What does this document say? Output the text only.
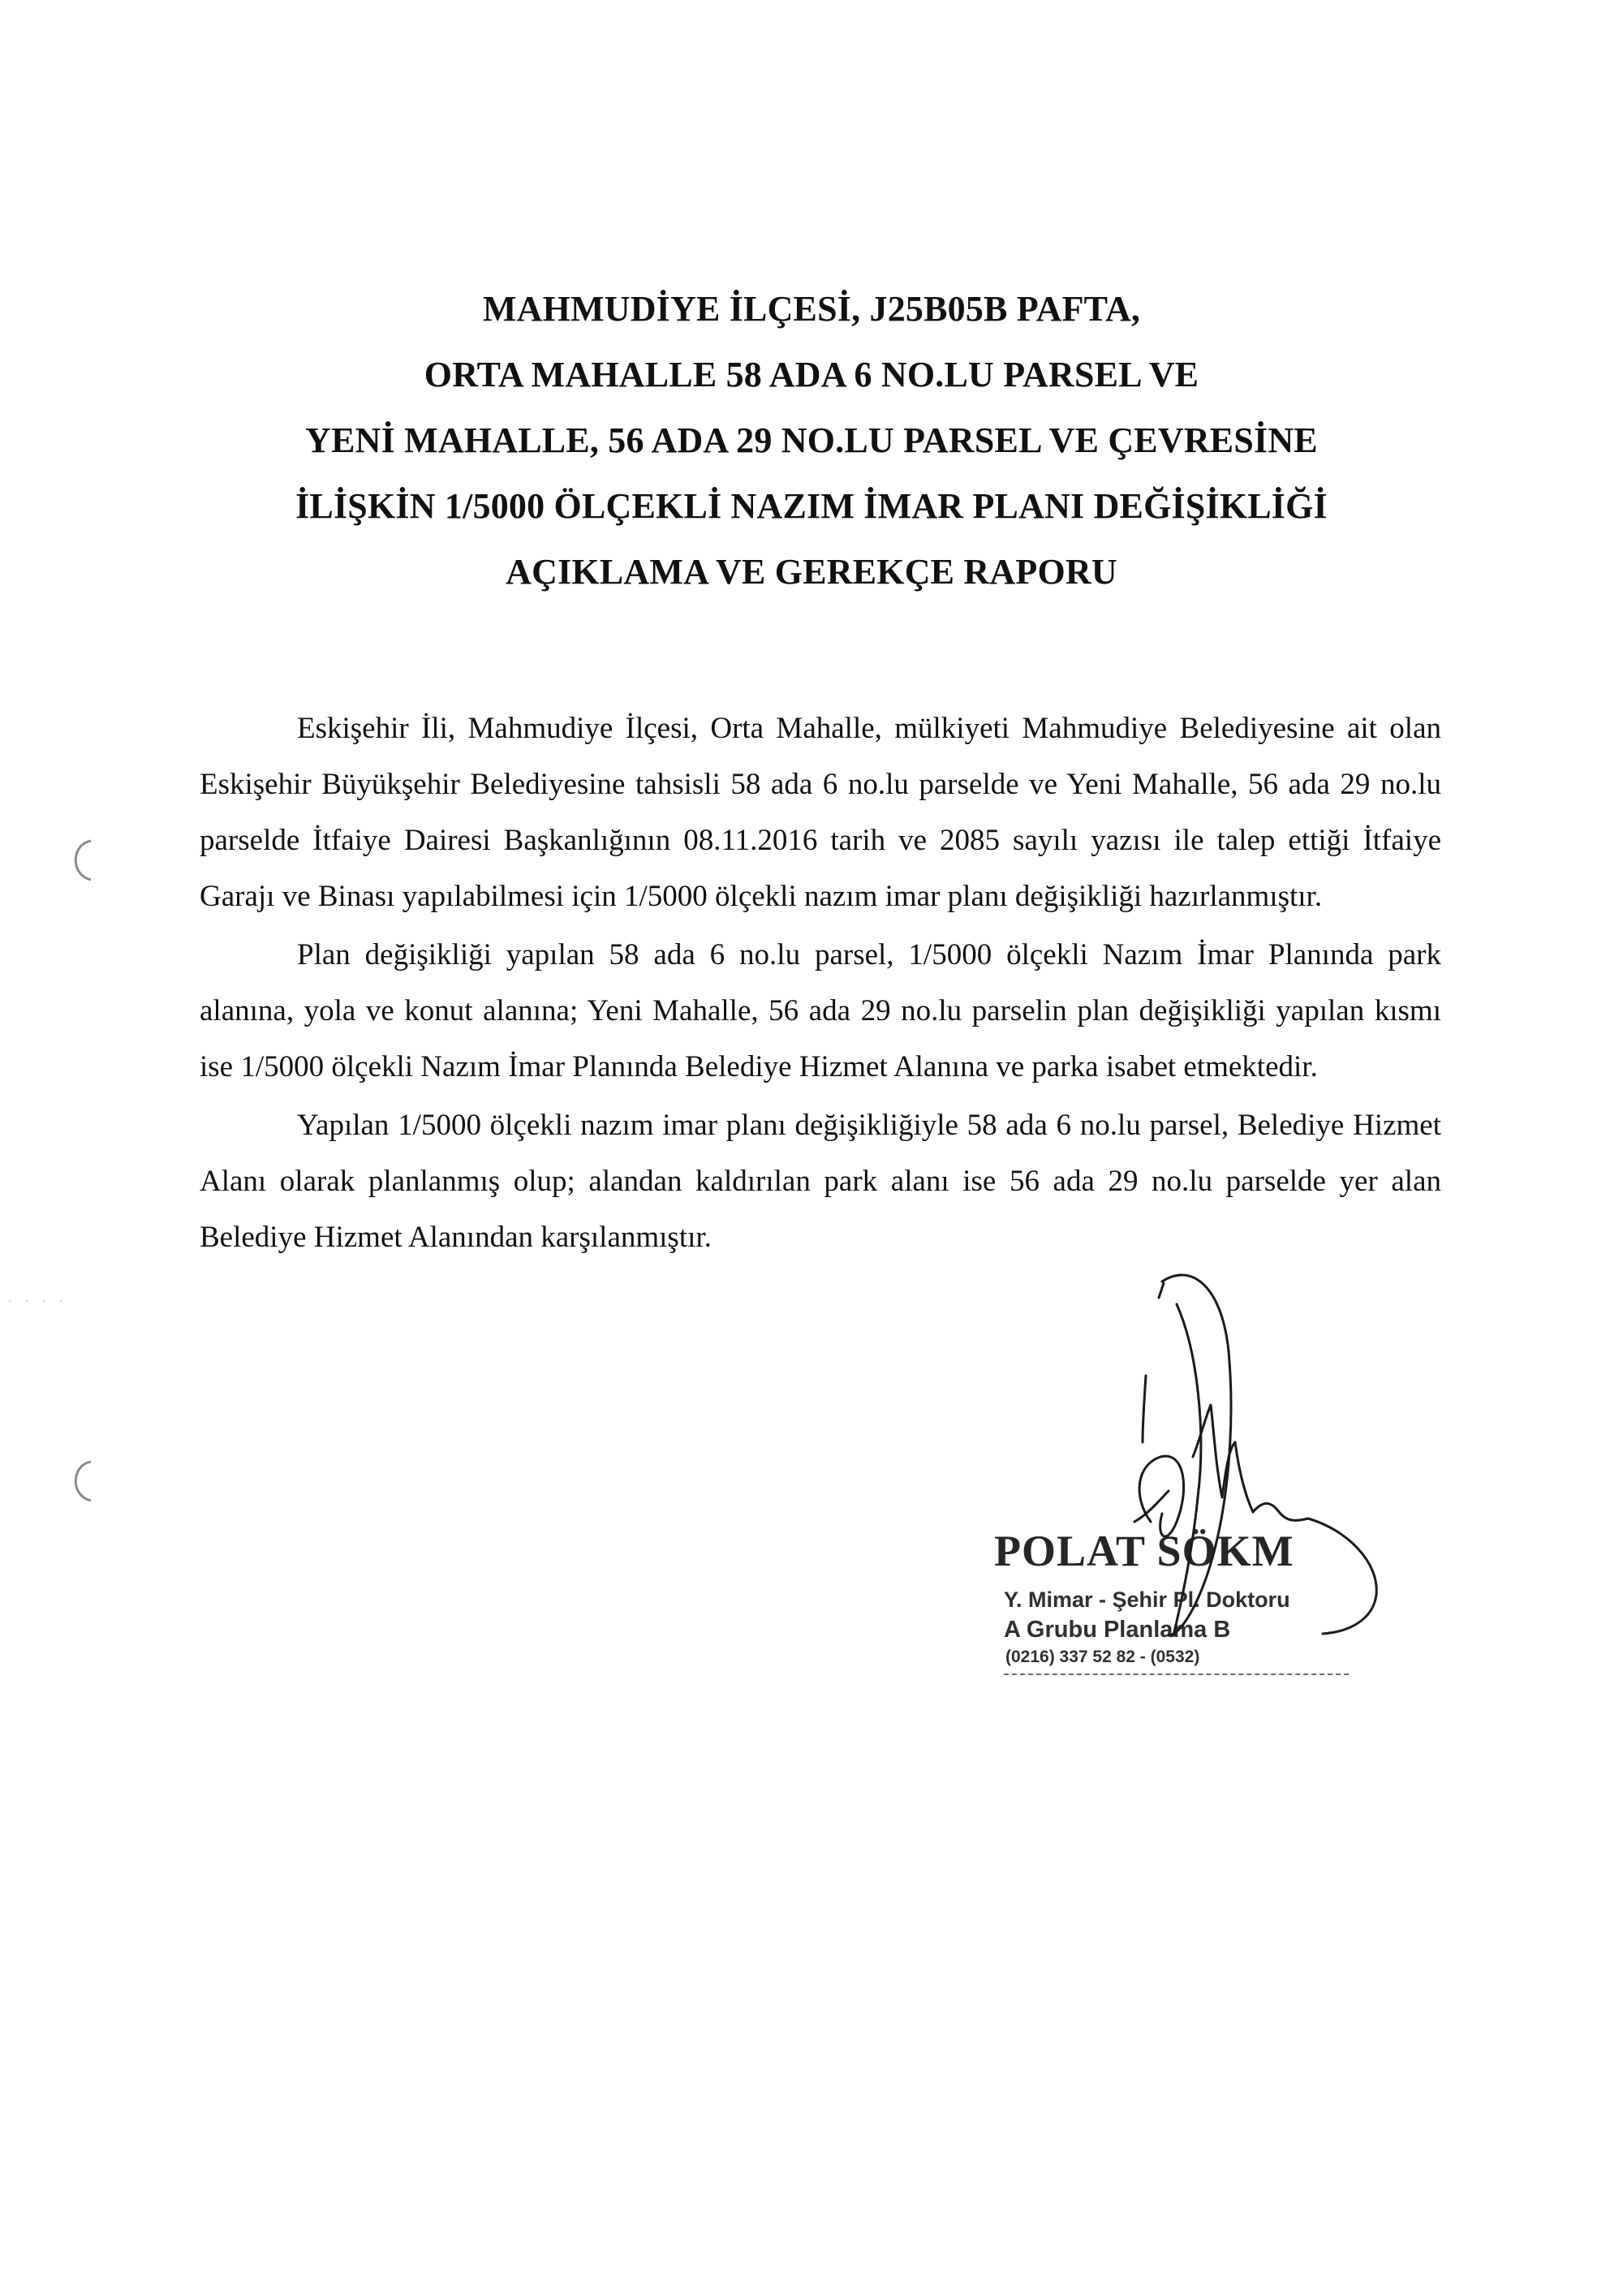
· · · ·
MAHMUDİYE İLÇESİ, J25B05B PAFTA,
ORTA MAHALLE 58 ADA 6 NO.LU PARSEL VE
YENİ MAHALLE, 56 ADA 29 NO.LU PARSEL VE ÇEVRESİNE
İLİŞKİN 1/5000 ÖLÇEKLİ NAZIM İMAR PLANI DEĞİŞİKLİĞİ
AÇIKLAMA VE GEREKÇE RAPORU

Eskişehir İli, Mahmudiye İlçesi, Orta Mahalle, mülkiyeti Mahmudiye Belediyesine ait olan Eskişehir Büyükşehir Belediyesine tahsisli 58 ada 6 no.lu parselde ve Yeni Mahalle, 56 ada 29 no.lu parselde İtfaiye Dairesi Başkanlığının 08.11.2016 tarih ve 2085 sayılı yazısı ile talep ettiği İtfaiye Garajı ve Binası yapılabilmesi için 1/5000 ölçekli nazım imar planı değişikliği hazırlanmıştır.

Plan değişikliği yapılan 58 ada 6 no.lu parsel, 1/5000 ölçekli Nazım İmar Planında park alanına, yola ve konut alanına; Yeni Mahalle, 56 ada 29 no.lu parselin plan değişikliği yapılan kısmı ise 1/5000 ölçekli Nazım İmar Planında Belediye Hizmet Alanına ve parka isabet etmektedir.

Yapılan 1/5000 ölçekli nazım imar planı değişikliğiyle 58 ada 6 no.lu parsel, Belediye Hizmet Alanı olarak planlanmış olup; alandan kaldırılan park alanı ise 56 ada 29 no.lu parselde yer alan Belediye Hizmet Alanından karşılanmıştır.

POLAT SÖKM
Y. Mimar - Şehir Pl. Doktoru
A Grubu Planlama B
(0216) 337 52 82 - (0532)
